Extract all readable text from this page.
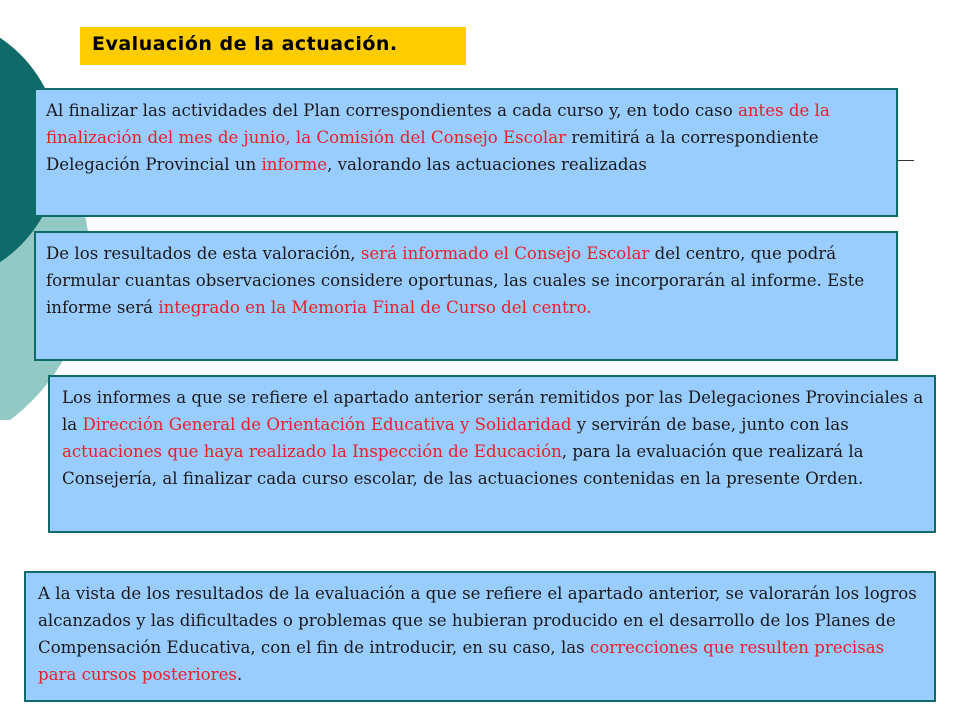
Evaluación de la actuación.
Al finalizar las actividades del Plan correspondientes a cada curso y, en todo caso antes de la finalización del mes de junio, la Comisión del Consejo Escolar remitirá a la correspondiente Delegación Provincial un informe, valorando las actuaciones realizadas
De los resultados de esta valoración, será informado el Consejo Escolar del centro, que podrá formular cuantas observaciones considere oportunas, las cuales se incorporarán al informe. Este informe será integrado en la Memoria Final de Curso del centro.
Los informes a que se refiere el apartado anterior serán remitidos por las Delegaciones Provinciales a la Dirección General de Orientación Educativa y Solidaridad y servirán de base, junto con las actuaciones que haya realizado la Inspección de Educación, para la evaluación que realizará la Consejería, al finalizar cada curso escolar, de las actuaciones contenidas en la presente Orden.
A la vista de los resultados de la evaluación a que se refiere el apartado anterior, se valorarán los logros alcanzados y las dificultades o problemas que se hubieran producido en el desarrollo de los Planes de Compensación Educativa, con el fin de introducir, en su caso, las correcciones que resulten precisas para cursos posteriores.
